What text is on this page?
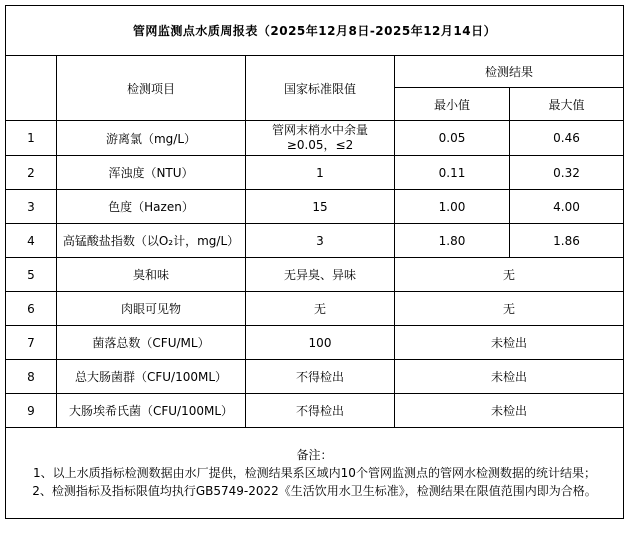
管网监测点水质周报表（2025年12月8日-2025年12月14日）				
	检测项目	国家标准限值	检测结果	
			最小值	最大值
1	游离氯（mg/L）	管网末梢水中余量≥0.05，≤2	0.05	0.46
2	浑浊度（NTU）	1	0.11	0.32
3	色度（Hazen）	15	1.00	4.00
4	高锰酸盐指数（以O₂计，mg/L）	3	1.80	1.86
5	臭和味	无异臭、异味	无	
6	肉眼可见物	无	无	
7	菌落总数（CFU/ML）	100	未检出	
8	总大肠菌群（CFU/100ML）	不得检出	未检出	
9	大肠埃希氏菌（CFU/100ML）	不得检出	未检出	

备注：
1、以上水质指标检测数据由水厂提供，检测结果系区域内10个管网监测点的管网水检测数据的统计结果；
2、检测指标及指标限值均执行GB5749-2022《生活饮用水卫生标准》，检测结果在限值范围内即为合格。				
